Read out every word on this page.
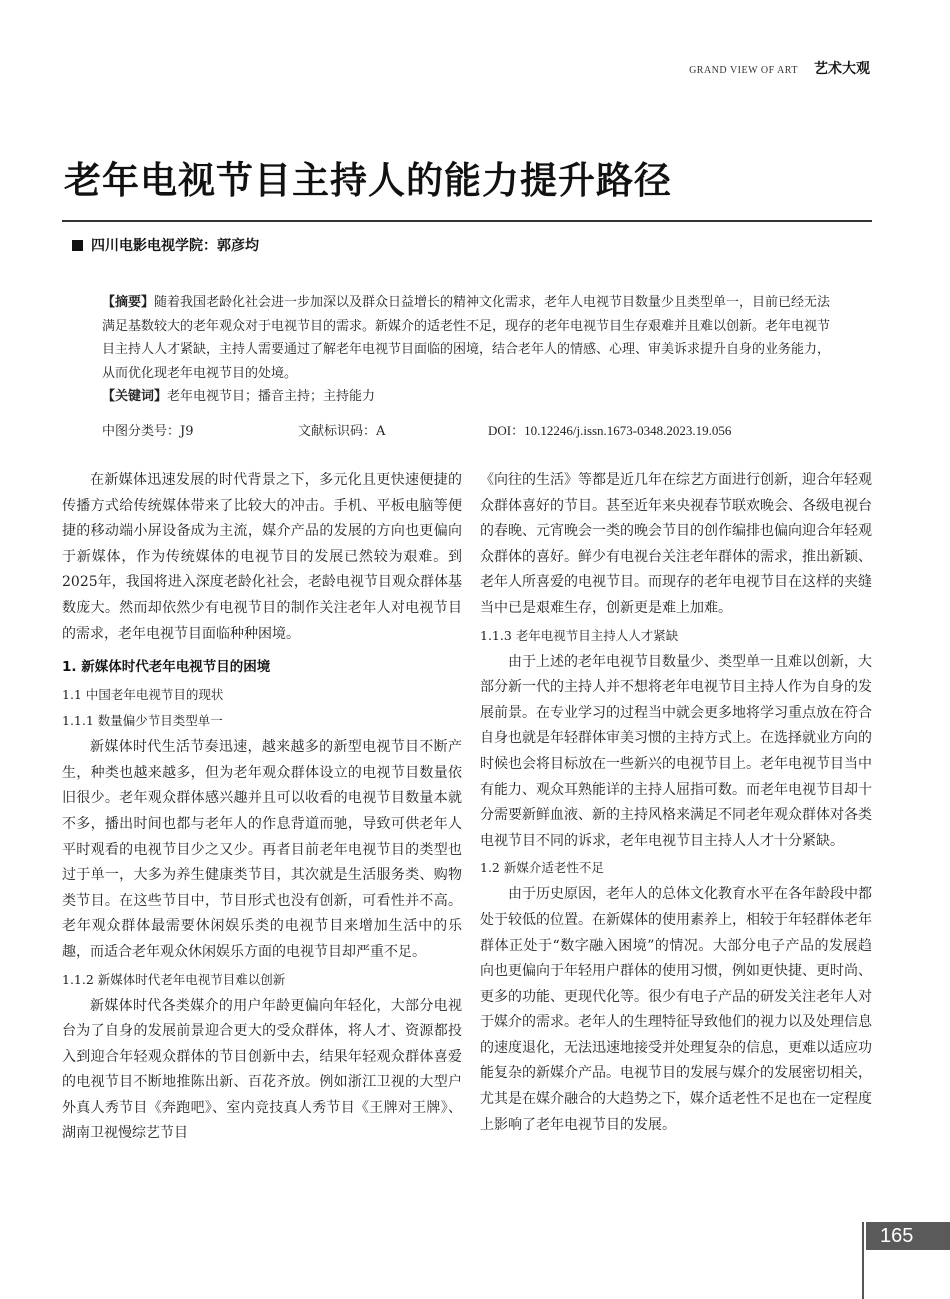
GRAND VIEW OF ART 艺术大观
老年电视节目主持人的能力提升路径
四川电影电视学院：郭彦均

【摘要】随着我国老龄化社会进一步加深以及群众日益增长的精神文化需求，老年人电视节目数量少且类型单一，目前已经无法满足基数较大的老年观众对于电视节目的需求。新媒介的适老性不足，现存的老年电视节目生存艰难并且难以创新。老年电视节目主持人人才紧缺，主持人需要通过了解老年电视节目面临的困境，结合老年人的情感、心理、审美诉求提升自身的业务能力，从而优化现老年电视节目的处境。

【关键词】老年电视节目；播音主持；主持能力

中图分类号：J9	文献标识码：A	DOI：10.12246/j.issn.1673-0348.2023.19.056

在新媒体迅速发展的时代背景之下，多元化且更快速便捷的传播方式给传统媒体带来了比较大的冲击。手机、平板电脑等便捷的移动端小屏设备成为主流，媒介产品的发展的方向也更偏向于新媒体，作为传统媒体的电视节目的发展已然较为艰难。到2025年，我国将进入深度老龄化社会，老龄电视节目观众群体基数庞大。然而却依然少有电视节目的制作关注老年人对电视节目的需求，老年电视节目面临种种困境。

1. 新媒体时代老年电视节目的困境
1.1 中国老年电视节目的现状
1.1.1 数量偏少节目类型单一

新媒体时代生活节奏迅速，越来越多的新型电视节目不断产生，种类也越来越多，但为老年观众群体设立的电视节目数量依旧很少。老年观众群体感兴趣并且可以收看的电视节目数量本就不多，播出时间也都与老年人的作息背道而驰，导致可供老年人平时观看的电视节目少之又少。再者目前老年电视节目的类型也过于单一，大多为养生健康类节目，其次就是生活服务类、购物类节目。在这些节目中，节目形式也没有创新，可看性并不高。老年观众群体最需要休闲娱乐类的电视节目来增加生活中的乐趣，而适合老年观众休闲娱乐方面的电视节目却严重不足。

1.1.2 新媒体时代老年电视节目难以创新

新媒体时代各类媒介的用户年龄更偏向年轻化，大部分电视台为了自身的发展前景迎合更大的受众群体，将人才、资源都投入到迎合年轻观众群体的节目创新中去，结果年轻观众群体喜爱的电视节目不断地推陈出新、百花齐放。例如浙江卫视的大型户外真人秀节目《奔跑吧》、室内竞技真人秀节目《王牌对王牌》、湖南卫视慢综艺节目

《向往的生活》等都是近几年在综艺方面进行创新，迎合年轻观众群体喜好的节目。甚至近年来央视春节联欢晚会、各级电视台的春晚、元宵晚会一类的晚会节目的创作编排也偏向迎合年轻观众群体的喜好。鲜少有电视台关注老年群体的需求，推出新颖、老年人所喜爱的电视节目。而现存的老年电视节目在这样的夹缝当中已是艰难生存，创新更是难上加难。

1.1.3 老年电视节目主持人人才紧缺

由于上述的老年电视节目数量少、类型单一且难以创新，大部分新一代的主持人并不想将老年电视节目主持人作为自身的发展前景。在专业学习的过程当中就会更多地将学习重点放在符合自身也就是年轻群体审美习惯的主持方式上。在选择就业方向的时候也会将目标放在一些新兴的电视节目上。老年电视节目当中有能力、观众耳熟能详的主持人屈指可数。而老年电视节目却十分需要新鲜血液、新的主持风格来满足不同老年观众群体对各类电视节目不同的诉求，老年电视节目主持人人才十分紧缺。

1.2 新媒介适老性不足

由于历史原因，老年人的总体文化教育水平在各年龄段中都处于较低的位置。在新媒体的使用素养上，相较于年轻群体老年群体正处于“数字融入困境”的情况。大部分电子产品的发展趋向也更偏向于年轻用户群体的使用习惯，例如更快捷、更时尚、更多的功能、更现代化等。很少有电子产品的研发关注老年人对于媒介的需求。老年人的生理特征导致他们的视力以及处理信息的速度退化，无法迅速地接受并处理复杂的信息，更难以适应功能复杂的新媒介产品。电视节目的发展与媒介的发展密切相关，尤其是在媒介融合的大趋势之下，媒介适老性不足也在一定程度上影响了老年电视节目的发展。

165
